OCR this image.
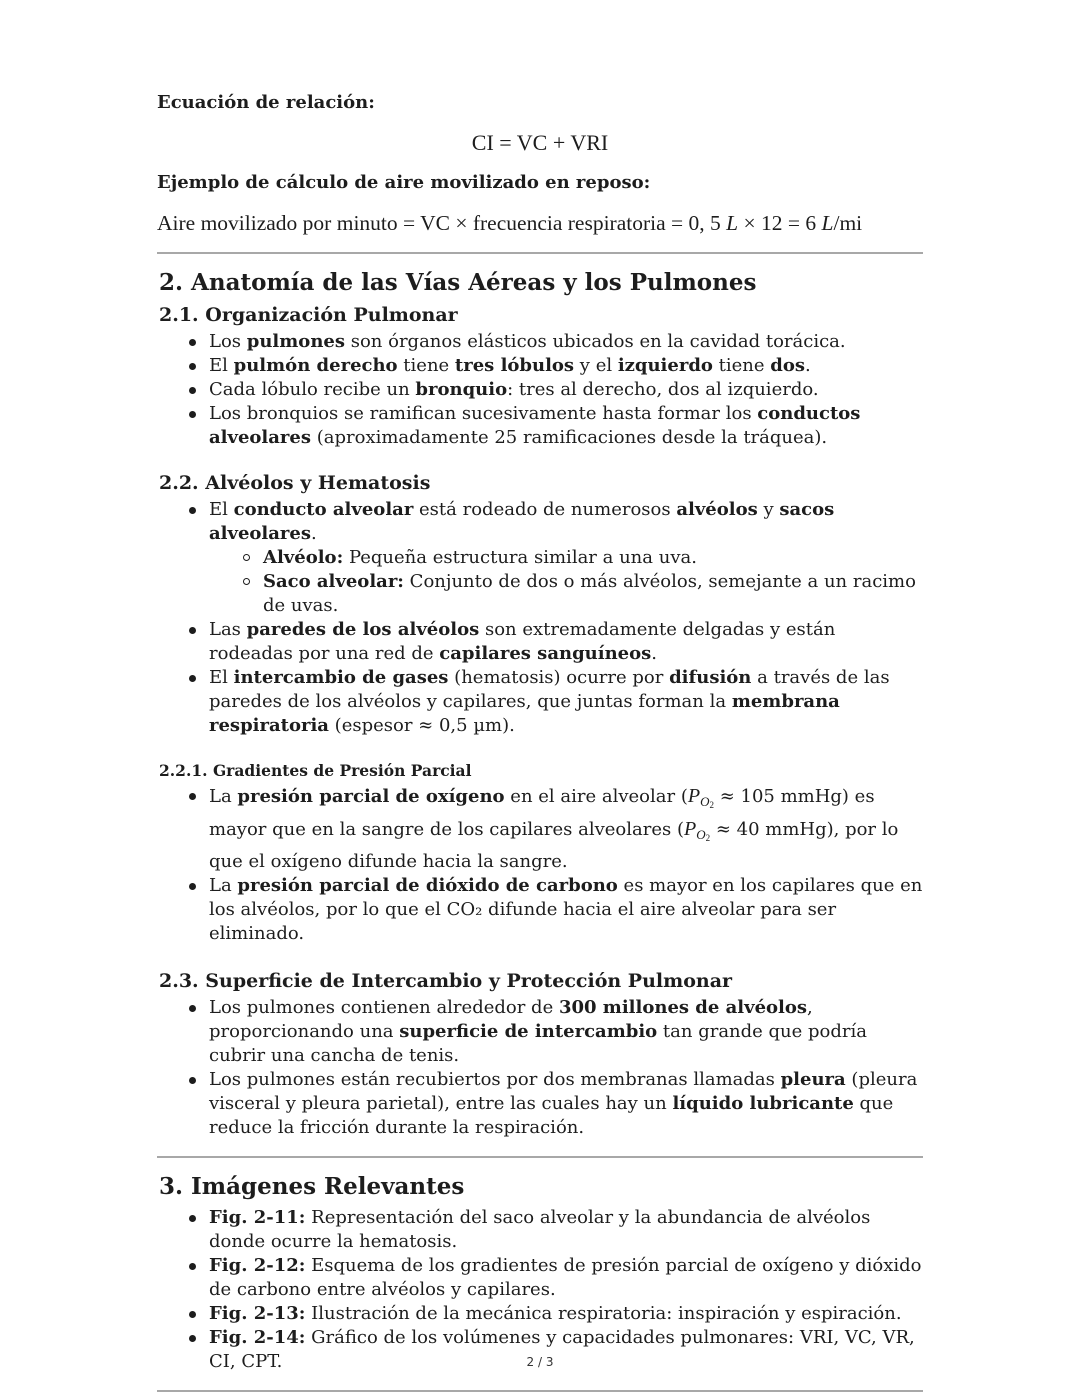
Ecuación de relación:

CI = VC + VRI

Ejemplo de cálculo de aire movilizado en reposo:

Aire movilizado por minuto = VC × frecuencia respiratoria = 0, 5 L × 12 = 6 L/mi
2. Anatomía de las Vías Aéreas y los Pulmones
2.1. Organización Pulmonar
Los pulmones son órganos elásticos ubicados en la cavidad torácica.
El pulmón derecho tiene tres lóbulos y el izquierdo tiene dos.
Cada lóbulo recibe un bronquio: tres al derecho, dos al izquierdo.
Los bronquios se ramifican sucesivamente hasta formar los conductos alveolares (aproximadamente 25 ramificaciones desde la tráquea).
2.2. Alvéolos y Hematosis
El conducto alveolar está rodeado de numerosos alvéolos y sacos alveolares.
Alvéolo: Pequeña estructura similar a una uva.
Saco alveolar: Conjunto de dos o más alvéolos, semejante a un racimo de uvas.
Las paredes de los alvéolos son extremadamente delgadas y están rodeadas por una red de capilares sanguíneos.
El intercambio de gases (hematosis) ocurre por difusión a través de las paredes de los alvéolos y capilares, que juntas forman la membrana respiratoria (espesor ≈ 0,5 µm).
2.2.1. Gradientes de Presión Parcial
La presión parcial de oxígeno en el aire alveolar ($P_{O2} \approx 105$ mmHg) es mayor que en la sangre de los capilares alveolares ($P_{O2} \approx 40$ mmHg), por lo que el oxígeno difunde hacia la sangre.
La presión parcial de dióxido de carbono es mayor en los capilares que en los alvéolos, por lo que el CO₂ difunde hacia el aire alveolar para ser eliminado.
2.3. Superficie de Intercambio y Protección Pulmonar
Los pulmones contienen alrededor de 300 millones de alvéolos, proporcionando una superficie de intercambio tan grande que podría cubrir una cancha de tenis.
Los pulmones están recubiertos por dos membranas llamadas pleura (pleura visceral y pleura parietal), entre las cuales hay un líquido lubricante que reduce la fricción durante la respiración.
3. Imágenes Relevantes
Fig. 2-11: Representación del saco alveolar y la abundancia de alvéolos donde ocurre la hematosis.
Fig. 2-12: Esquema de los gradientes de presión parcial de oxígeno y dióxido de carbono entre alvéolos y capilares.
Fig. 2-13: Ilustración de la mecánica respiratoria: inspiración y espiración.
Fig. 2-14: Gráfico de los volúmenes y capacidades pulmonares: VRI, VC, VR, CI, CPT.	2 / 3
